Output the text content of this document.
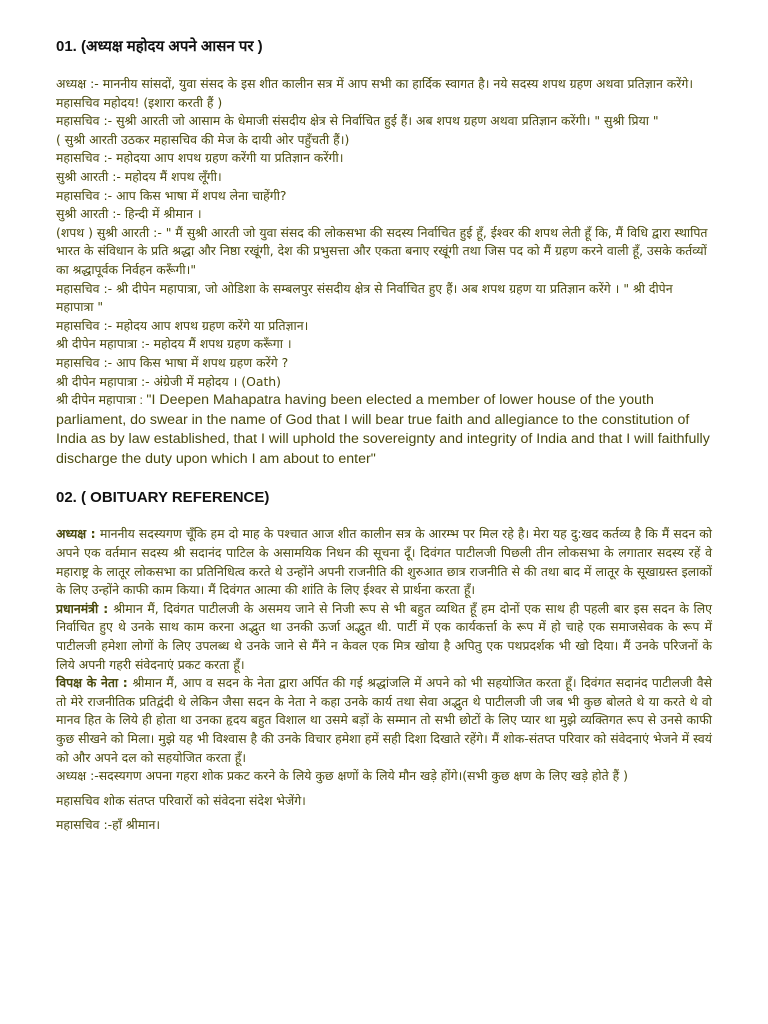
01. (अध्यक्ष महोदय अपने आसन पर )

अध्यक्ष :- माननीय सांसदों, युवा संसद के इस शीत कालीन सत्र में आप सभी का हार्दिक स्वागत है। नये सदस्य शपथ ग्रहण अथवा प्रतिज्ञान करेंगे।

महासचिव महोदय! (इशारा करती हैं )

महासचिव :- सुश्री आरती जो आसाम के धेमाजी संसदीय क्षेत्र से निर्वाचित हुई हैं। अब शपथ ग्रहण अथवा प्रतिज्ञान करेंगी। " सुश्री प्रिया "

( सुश्री आरती उठकर महासचिव की मेज के दायी ओर पहुँचती हैं।)

महासचिव :- महोदया आप शपथ ग्रहण करेंगी या प्रतिज्ञान करेंगी।

सुश्री आरती :- महोदय मैं शपथ लूँगी।

महासचिव :- आप किस भाषा में शपथ लेना चाहेंगी?

सुश्री आरती :- हिन्दी में श्रीमान ।

(शपथ ) सुश्री आरती :- " मैं सुश्री आरती जो युवा संसद की लोकसभा की सदस्य निर्वाचित हुई हूँ, ईश्वर की शपथ लेती हूँ कि, मैं विधि द्वारा स्थापित भारत के संविधान के प्रति श्रद्धा और निष्ठा रखूंगी, देश की प्रभुसत्ता और एकता बनाए रखूंगी तथा जिस पद को मैं ग्रहण करने वाली हूँ, उसके कर्तव्यों का श्रद्धापूर्वक निर्वहन करूँगी।"

महासचिव :- श्री दीपेन महापात्रा, जो ओडिशा के सम्बलपुर संसदीय क्षेत्र से निर्वाचित हुए हैं। अब शपथ ग्रहण या प्रतिज्ञान करेंगे । " श्री दीपेन महापात्रा "

महासचिव :- महोदय आप शपथ ग्रहण करेंगे या प्रतिज्ञान।

श्री दीपेन महापात्रा :- महोदय मैं शपथ ग्रहण करूँगा ।

महासचिव :- आप किस भाषा में शपथ ग्रहण करेंगे ?

श्री दीपेन महापात्रा :- अंग्रेजी में महोदय । (Oath)

श्री दीपेन महापात्रा : "I Deepen Mahapatra having been elected a member of lower house of the youth parliament, do swear in the name of God that I will bear true faith and allegiance to the constitution of India as by law established, that I will uphold the sovereignty and integrity of India and that I will faithfully discharge the duty upon which I am about to enter"

02. ( OBITUARY REFERENCE)

अध्यक्ष : माननीय सदस्यगण चूँकि हम दो माह के पश्चात आज शीत कालीन सत्र के आरम्भ पर मिल रहे है। मेरा यह दु:खद कर्तव्य है कि मैं सदन को अपने एक वर्तमान सदस्य श्री सदानंद पाटिल के असामयिक निधन की सूचना दूँ। दिवंगत पाटीलजी पिछली तीन लोकसभा के लगातार सदस्य रहें वे महाराष्ट्र के लातूर लोकसभा का प्रतिनिधित्व करते थे उन्होंने अपनी राजनीति की शुरुआत छात्र राजनीति से की तथा बाद में लातूर के सूखाग्रस्त इलाकों के लिए उन्होंने काफी काम किया। मैं दिवंगत आत्मा की शांति के लिए ईश्वर से प्रार्थना करता हूँ।

प्रधानमंत्री : श्रीमान मैं, दिवंगत पाटीलजी के असमय जाने से निजी रूप से भी बहुत व्यथित हूँ हम दोनों एक साथ ही पहली बार इस सदन के लिए निर्वाचित हुए थे उनके साथ काम करना अद्भुत था उनकी ऊर्जा अद्भुत थी. पार्टी में एक कार्यकर्त्ता के रूप में हो चाहे एक समाजसेवक के रूप में पाटीलजी हमेशा लोगों के लिए उपलब्ध थे उनके जाने से मैंने न केवल एक मित्र खोया है अपितु एक पथप्रदर्शक भी खो दिया। मैं उनके परिजनों के लिये अपनी गहरी संवेदनाएं प्रकट करता हूँ।

विपक्ष के नेता : श्रीमान मैं, आप व सदन के नेता द्वारा अर्पित की गई श्रद्धांजलि में अपने को भी सहयोजित करता हूँ। दिवंगत सदानंद पाटीलजी वैसे तो मेरे राजनीतिक प्रतिद्वंदी थे लेकिन जैसा सदन के नेता ने कहा उनके कार्य तथा सेवा अद्भुत थे पाटीलजी जी जब भी कुछ बोलते थे या करते थे वो मानव हित के लिये ही होता था उनका हृदय बहुत विशाल था उसमे बड़ों के सम्मान तो सभी छोटों के लिए प्यार था मुझे व्यक्तिगत रूप से उनसे काफी कुछ सीखने को मिला। मुझे यह भी विश्वास है की उनके विचार हमेशा हमें सही दिशा दिखाते रहेंगे। मैं शोक-संतप्त परिवार को संवेदनाएं भेजने में स्वयं को और अपने दल को सहयोजित करता हूँ।

अध्यक्ष :-सदस्यगण अपना गहरा शोक प्रकट करने के लिये कुछ क्षणों के लिये मौन खड़े होंगे।(सभी कुछ क्षण के लिए खड़े होते हैं )

महासचिव शोक संतप्त परिवारों को संवेदना संदेश भेजेंगे।

महासचिव :-हाँ श्रीमान।
